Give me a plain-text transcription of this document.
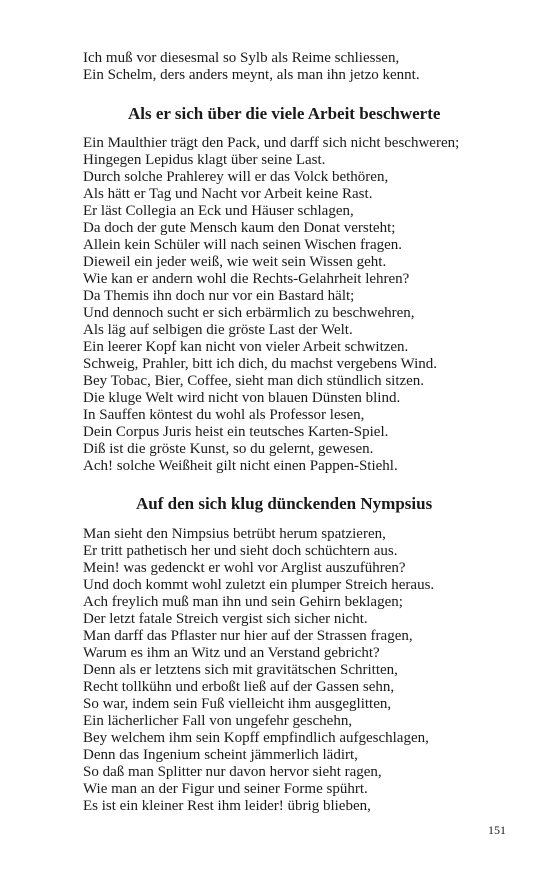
Ich muß vor diesesmal so Sylb als Reime schliessen,

Ein Schelm, ders anders meynt, als man ihn jetzo kennt.

Als er sich über die viele Arbeit beschwerte

Ein Maulthier trägt den Pack, und darff sich nicht beschweren;

Hingegen Lepidus klagt über seine Last.

Durch solche Prahlerey will er das Volck bethören,

Als hätt er Tag und Nacht vor Arbeit keine Rast.

Er läst Collegia an Eck und Häuser schlagen,

Da doch der gute Mensch kaum den Donat versteht;

Allein kein Schüler will nach seinen Wischen fragen.

Dieweil ein jeder weiß, wie weit sein Wissen geht.

Wie kan er andern wohl die Rechts-Gelahrheit lehren?

Da Themis ihn doch nur vor ein Bastard hält;

Und dennoch sucht er sich erbärmlich zu beschwehren,

Als läg auf selbigen die gröste Last der Welt.

Ein leerer Kopf kan nicht von vieler Arbeit schwitzen.

Schweig, Prahler, bitt ich dich, du machst vergebens Wind.

Bey Tobac, Bier, Coffee, sieht man dich stündlich sitzen.

Die kluge Welt wird nicht von blauen Dünsten blind.

In Sauffen köntest du wohl als Professor lesen,

Dein Corpus Juris heist ein teutsches Karten-Spiel.

Diß ist die gröste Kunst, so du gelernt, gewesen.

Ach! solche Weißheit gilt nicht einen Pappen-Stiehl.

Auf den sich klug dünckenden Nympsius

Man sieht den Nimpsius betrübt herum spatzieren,

Er tritt pathetisch her und sieht doch schüchtern aus.

Mein! was gedenckt er wohl vor Arglist auszuführen?

Und doch kommt wohl zuletzt ein plumper Streich heraus.

Ach freylich muß man ihn und sein Gehirn beklagen;

Der letzt fatale Streich vergist sich sicher nicht.

Man darff das Pflaster nur hier auf der Strassen fragen,

Warum es ihm an Witz und an Verstand gebricht?

Denn als er letztens sich mit gravitätschen Schritten,

Recht tollkühn und erboßt ließ auf der Gassen sehn,

So war, indem sein Fuß vielleicht ihm ausgeglitten,

Ein lächerlicher Fall von ungefehr geschehn,

Bey welchem ihm sein Kopff empfindlich aufgeschlagen,

Denn das Ingenium scheint jämmerlich lädirt,

So daß man Splitter nur davon hervor sieht ragen,

Wie man an der Figur und seiner Forme spührt.

Es ist ein kleiner Rest ihm leider! übrig blieben,

151
